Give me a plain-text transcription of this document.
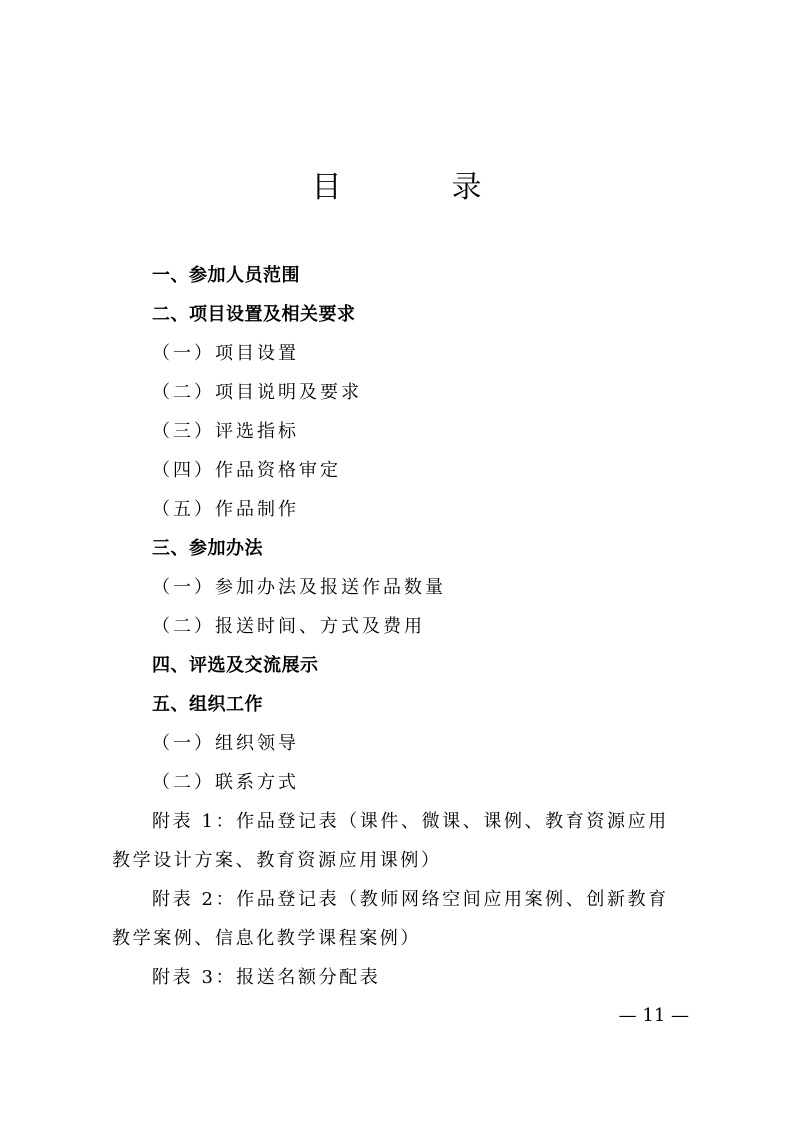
目	录
一、参加人员范围
二、项目设置及相关要求
（一）项目设置
（二）项目说明及要求
（三）评选指标
（四）作品资格审定
（五）作品制作
三、参加办法
（一）参加办法及报送作品数量
（二）报送时间、方式及费用
四、评选及交流展示
五、组织工作
（一）组织领导
（二）联系方式
附表 1：作品登记表（课件、微课、课例、教育资源应用教学设计方案、教育资源应用课例）
附表 2：作品登记表（教师网络空间应用案例、创新教育教学案例、信息化教学课程案例）
附表 3：报送名额分配表
— 11 —
